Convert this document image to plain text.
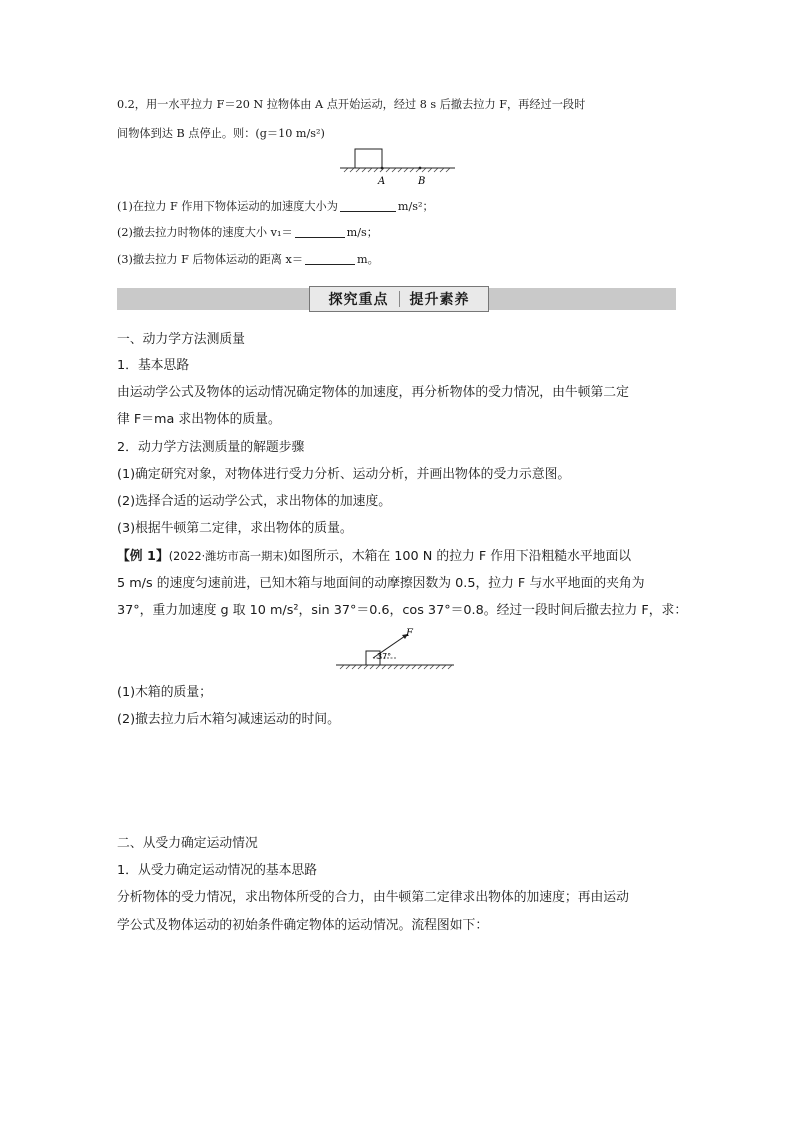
0.2，用一水平拉力 F＝20 N 拉物体由 A 点开始运动，经过 8 s 后撤去拉力 F，再经过一段时
间物体到达 B 点停止。则：(g＝10 m/s²)
A	B
(1)在拉力 F 作用下物体运动的加速度大小为	m/s²；
(2)撤去拉力时物体的速度大小 v₁＝	m/s；
(3)撤去拉力 F 后物体运动的距离 x＝	m。
探究重点 提升素养
一、动力学方法测质量
1．基本思路
由运动学公式及物体的运动情况确定物体的加速度，再分析物体的受力情况，由牛顿第二定
律 F＝ma 求出物体的质量。
2．动力学方法测质量的解题步骤
(1)确定研究对象，对物体进行受力分析、运动分析，并画出物体的受力示意图。
(2)选择合适的运动学公式，求出物体的加速度。
(3)根据牛顿第二定律，求出物体的质量。
【例 1】(2022·潍坊市高一期末)如图所示，木箱在 100 N 的拉力 F 作用下沿粗糙水平地面以
5 m/s 的速度匀速前进，已知木箱与地面间的动摩擦因数为 0.5，拉力 F 与水平地面的夹角为
37°，重力加速度 g 取 10 m/s²，sin 37°＝0.6，cos 37°＝0.8。经过一段时间后撤去拉力 F，求：
F
37°
(1)木箱的质量；
(2)撤去拉力后木箱匀减速运动的时间。
二、从受力确定运动情况
1．从受力确定运动情况的基本思路
分析物体的受力情况，求出物体所受的合力，由牛顿第二定律求出物体的加速度；再由运动
学公式及物体运动的初始条件确定物体的运动情况。流程图如下：
